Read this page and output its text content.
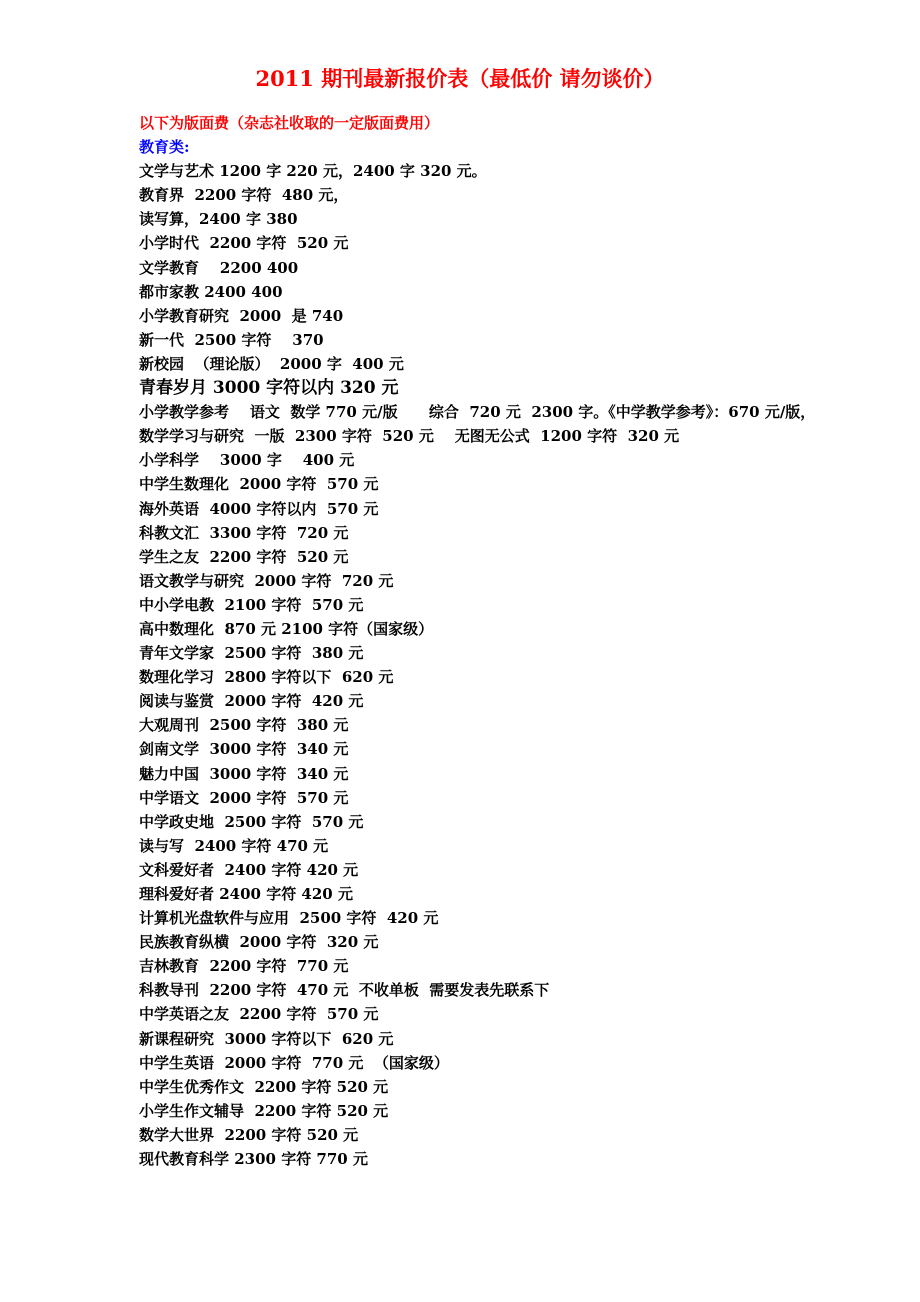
2011 期刊最新报价表（最低价 请勿谈价）
以下为版面费（杂志社收取的一定版面费用）
教育类:
文学与艺术 1200 字 220 元，2400 字 320 元。
教育界  2200 字符  480 元，
读写算，2400 字 380
小学时代  2200 字符  520 元
文学教育    2200 400
都市家教 2400 400
小学教育研究  2000  是 740
新一代  2500 字符    370
新校园  （理论版）  2000 字  400 元
青春岁月 3000 字符以内 320 元
小学教学参考    语文  数学 770 元/版      综合  720 元  2300 字。《中学教学参考》：670 元/版，
数学学习与研究  一版  2300 字符  520 元    无图无公式  1200 字符  320 元
小学科学    3000 字    400 元
中学生数理化  2000 字符  570 元
海外英语  4000 字符以内  570 元
科教文汇  3300 字符  720 元
学生之友  2200 字符  520 元
语文教学与研究  2000 字符  720 元
中小学电教  2100 字符  570 元
高中数理化  870 元 2100 字符（国家级）
青年文学家  2500 字符  380 元
数理化学习  2800 字符以下  620 元
阅读与鉴赏  2000 字符  420 元
大观周刊  2500 字符  380 元
剑南文学  3000 字符  340 元
魅力中国  3000 字符  340 元
中学语文  2000 字符  570 元
中学政史地  2500 字符  570 元
读与写  2400 字符 470 元
文科爱好者  2400 字符 420 元
理科爱好者 2400 字符 420 元
计算机光盘软件与应用  2500 字符  420 元
民族教育纵横  2000 字符  320 元
吉林教育  2200 字符  770 元
科教导刊  2200 字符  470 元  不收单板  需要发表先联系下
中学英语之友  2200 字符  570 元
新课程研究  3000 字符以下  620 元
中学生英语  2000 字符  770 元  （国家级）
中学生优秀作文  2200 字符 520 元
小学生作文辅导  2200 字符 520 元
数学大世界  2200 字符 520 元
现代教育科学 2300 字符 770 元
